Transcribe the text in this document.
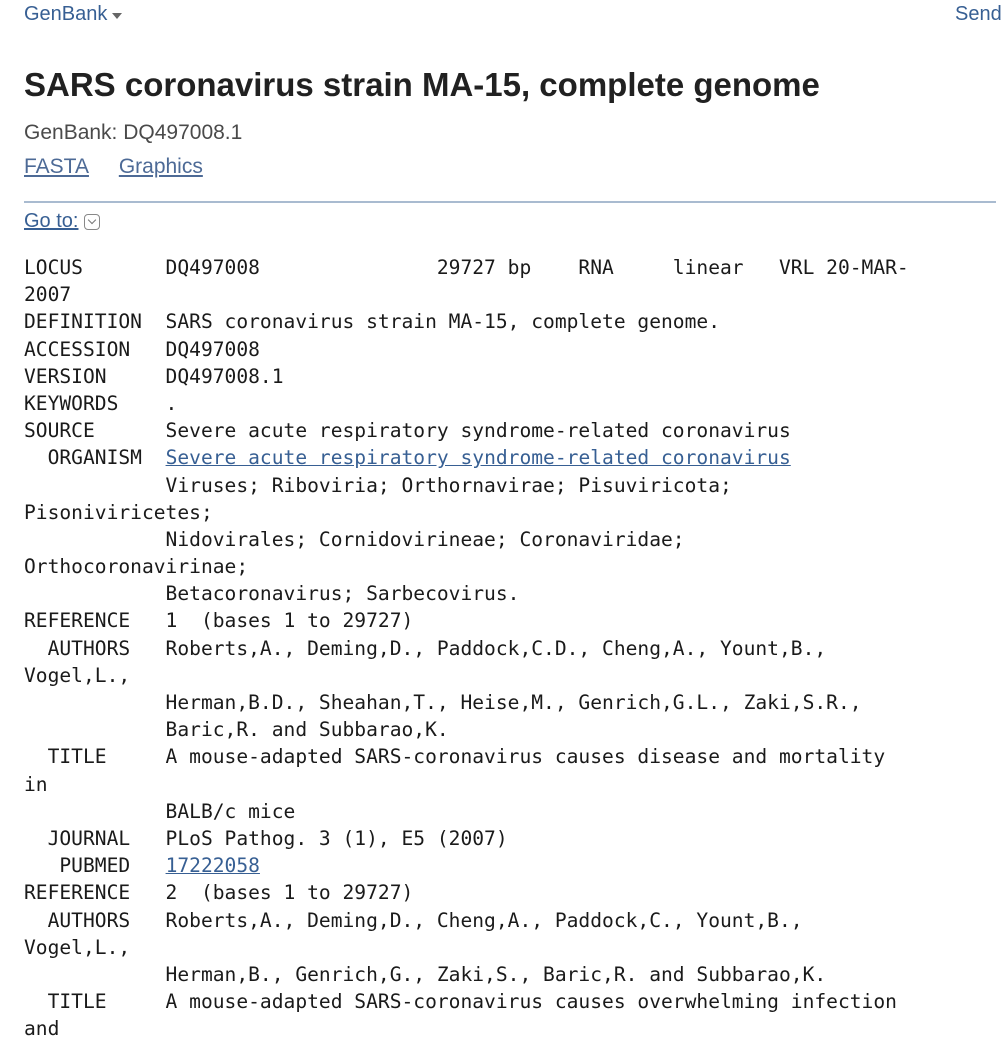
GenBank	Send
SARS coronavirus strain MA-15, complete genome
GenBank: DQ497008.1
FASTA Graphics
Go to:
LOCUS       DQ497008               29727 bp    RNA     linear   VRL 20-MAR-
2007
DEFINITION  SARS coronavirus strain MA-15, complete genome.
ACCESSION   DQ497008
VERSION     DQ497008.1
KEYWORDS    .
SOURCE      Severe acute respiratory syndrome-related coronavirus
ORGANISM  Severe acute respiratory syndrome-related coronavirus
Viruses; Riboviria; Orthornavirae; Pisuviricota;
Pisoniviricetes;
Nidovirales; Cornidovirineae; Coronaviridae;
Orthocoronavirinae;
Betacoronavirus; Sarbecovirus.
REFERENCE   1  (bases 1 to 29727)
AUTHORS   Roberts,A., Deming,D., Paddock,C.D., Cheng,A., Yount,B.,
Vogel,L.,
Herman,B.D., Sheahan,T., Heise,M., Genrich,G.L., Zaki,S.R.,
Baric,R. and Subbarao,K.
TITLE     A mouse-adapted SARS-coronavirus causes disease and mortality
in
BALB/c mice
JOURNAL   PLoS Pathog. 3 (1), E5 (2007)
PUBMED   17222058
REFERENCE   2  (bases 1 to 29727)
AUTHORS   Roberts,A., Deming,D., Cheng,A., Paddock,C., Yount,B.,
Vogel,L.,
Herman,B., Genrich,G., Zaki,S., Baric,R. and Subbarao,K.
TITLE     A mouse-adapted SARS-coronavirus causes overwhelming infection
and
